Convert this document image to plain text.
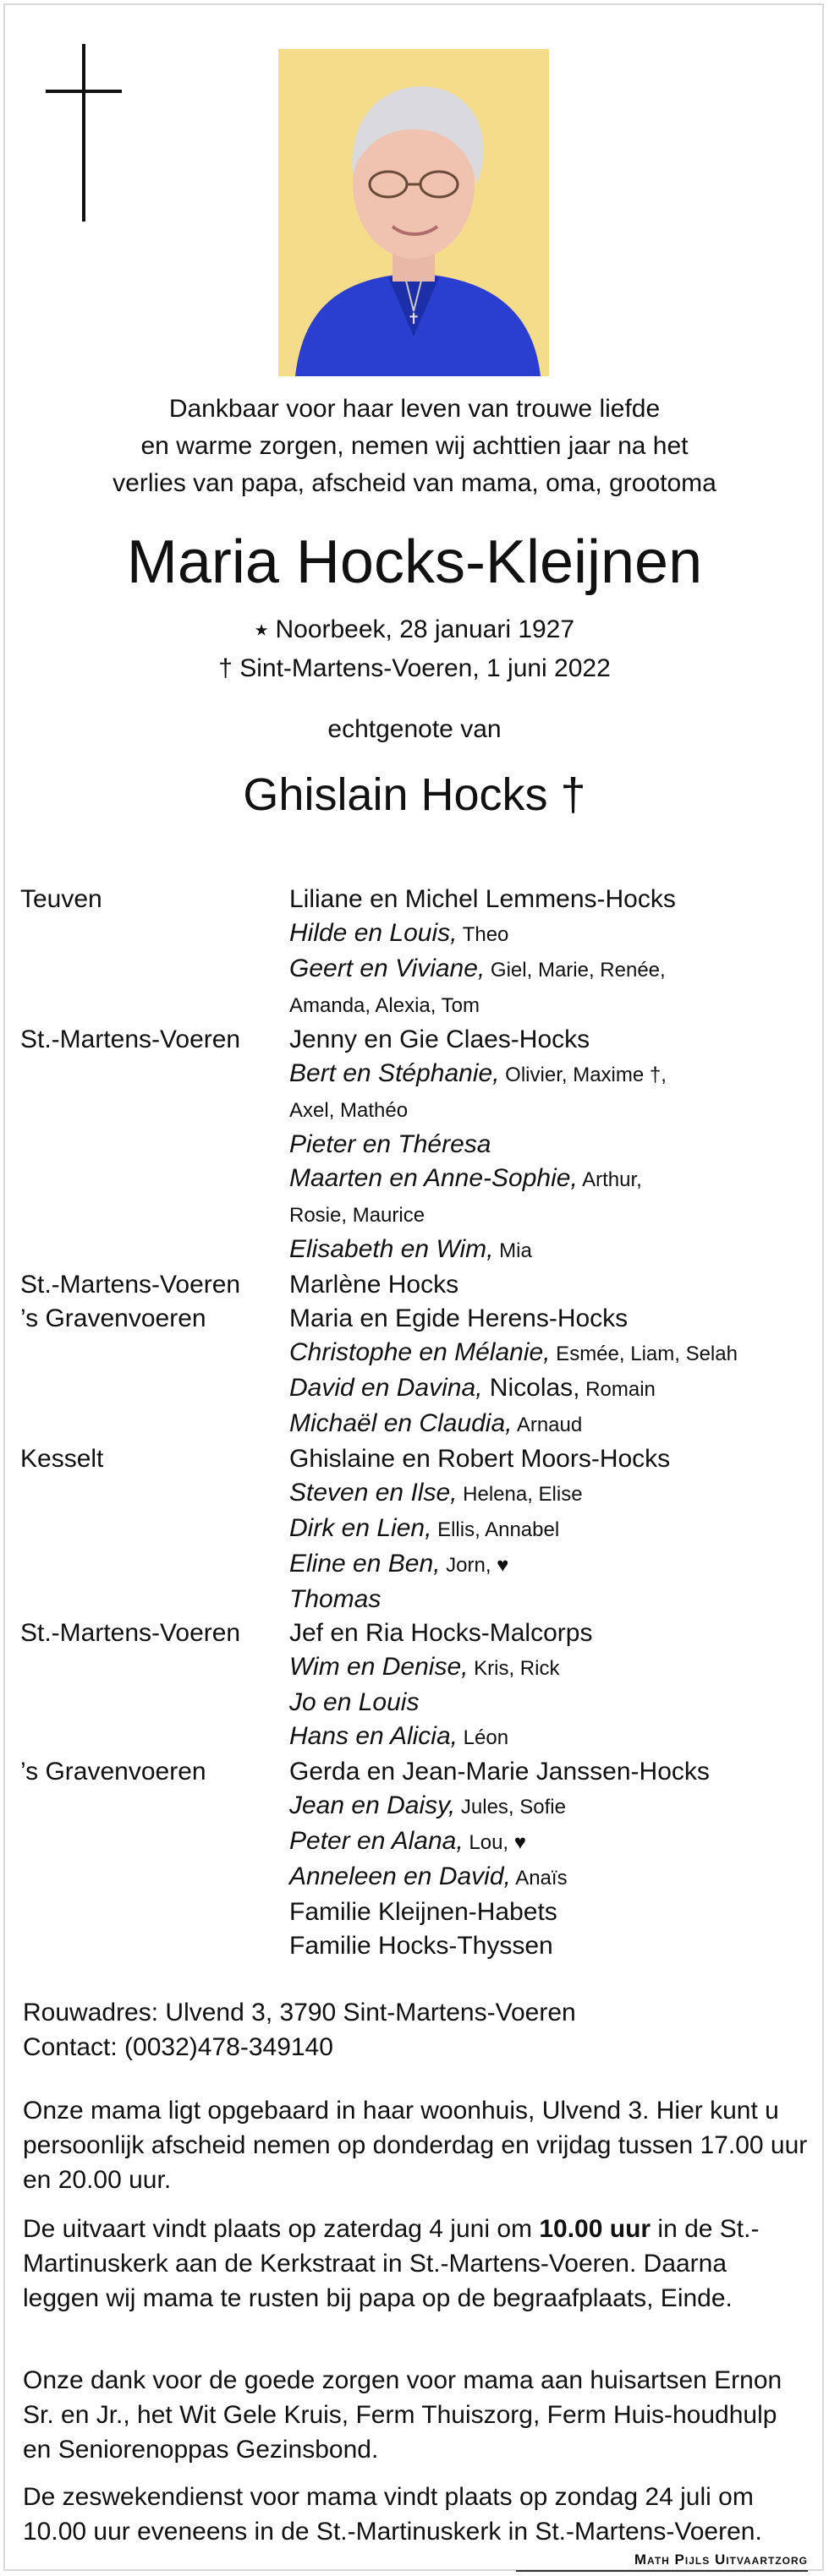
✝
Dankbaar voor haar leven van trouwe liefde
en warme zorgen, nemen wij achttien jaar na het
verlies van papa, afscheid van mama, oma, grootoma
Maria Hocks-Kleijnen
⭑ Noorbeek, 28 januari 1927
† Sint-Martens-Voeren, 1 juni 2022
echtgenote van
Ghislain Hocks †
Teuven	Liliane en Michel Lemmens-Hocks
Hilde en Louis, Theo
Geert en Viviane, Giel, Marie, Renée,
Amanda, Alexia, Tom
St.-Martens-Voeren	Jenny en Gie Claes-Hocks
Bert en Stéphanie, Olivier, Maxime †,
Axel, Mathéo
Pieter en Théresa
Maarten en Anne-Sophie, Arthur,
Rosie, Maurice
Elisabeth en Wim, Mia
St.-Martens-Voeren	Marlène Hocks
’s Gravenvoeren	Maria en Egide Herens-Hocks
Christophe en Mélanie, Esmée, Liam, Selah
David en Davina, Nicolas, Romain
Michaël en Claudia, Arnaud
Kesselt	Ghislaine en Robert Moors-Hocks
Steven en Ilse, Helena, Elise
Dirk en Lien, Ellis, Annabel
Eline en Ben, Jorn, ♥
Thomas
St.-Martens-Voeren	Jef en Ria Hocks-Malcorps
Wim en Denise, Kris, Rick
Jo en Louis
Hans en Alicia, Léon
’s Gravenvoeren	Gerda en Jean-Marie Janssen-Hocks
Jean en Daisy, Jules, Sofie
Peter en Alana, Lou, ♥
Anneleen en David, Anaïs
Familie Kleijnen-Habets
Familie Hocks-Thyssen
Rouwadres: Ulvend 3, 3790 Sint-Martens-Voeren
Contact: (0032)478-349140
Onze mama ligt opgebaard in haar woonhuis, Ulvend 3. Hier kunt u persoonlijk afscheid nemen op donderdag en vrijdag tussen 17.00 uur en 20.00 uur.
De uitvaart vindt plaats op zaterdag 4 juni om 10.00 uur in de St.-Martinuskerk aan de Kerkstraat in St.-Martens-Voeren. Daarna leggen wij mama te rusten bij papa op de begraafplaats, Einde.
Onze dank voor de goede zorgen voor mama aan huisartsen Ernon Sr. en Jr., het Wit Gele Kruis, Ferm Thuiszorg, Ferm Huis-houdhulp en Seniorenoppas Gezinsbond.
De zeswekendienst voor mama vindt plaats op zondag 24 juli om 10.00 uur eveneens in de St.-Martinuskerk in St.-Martens-Voeren.
Math Pijls Uitvaartzorg
